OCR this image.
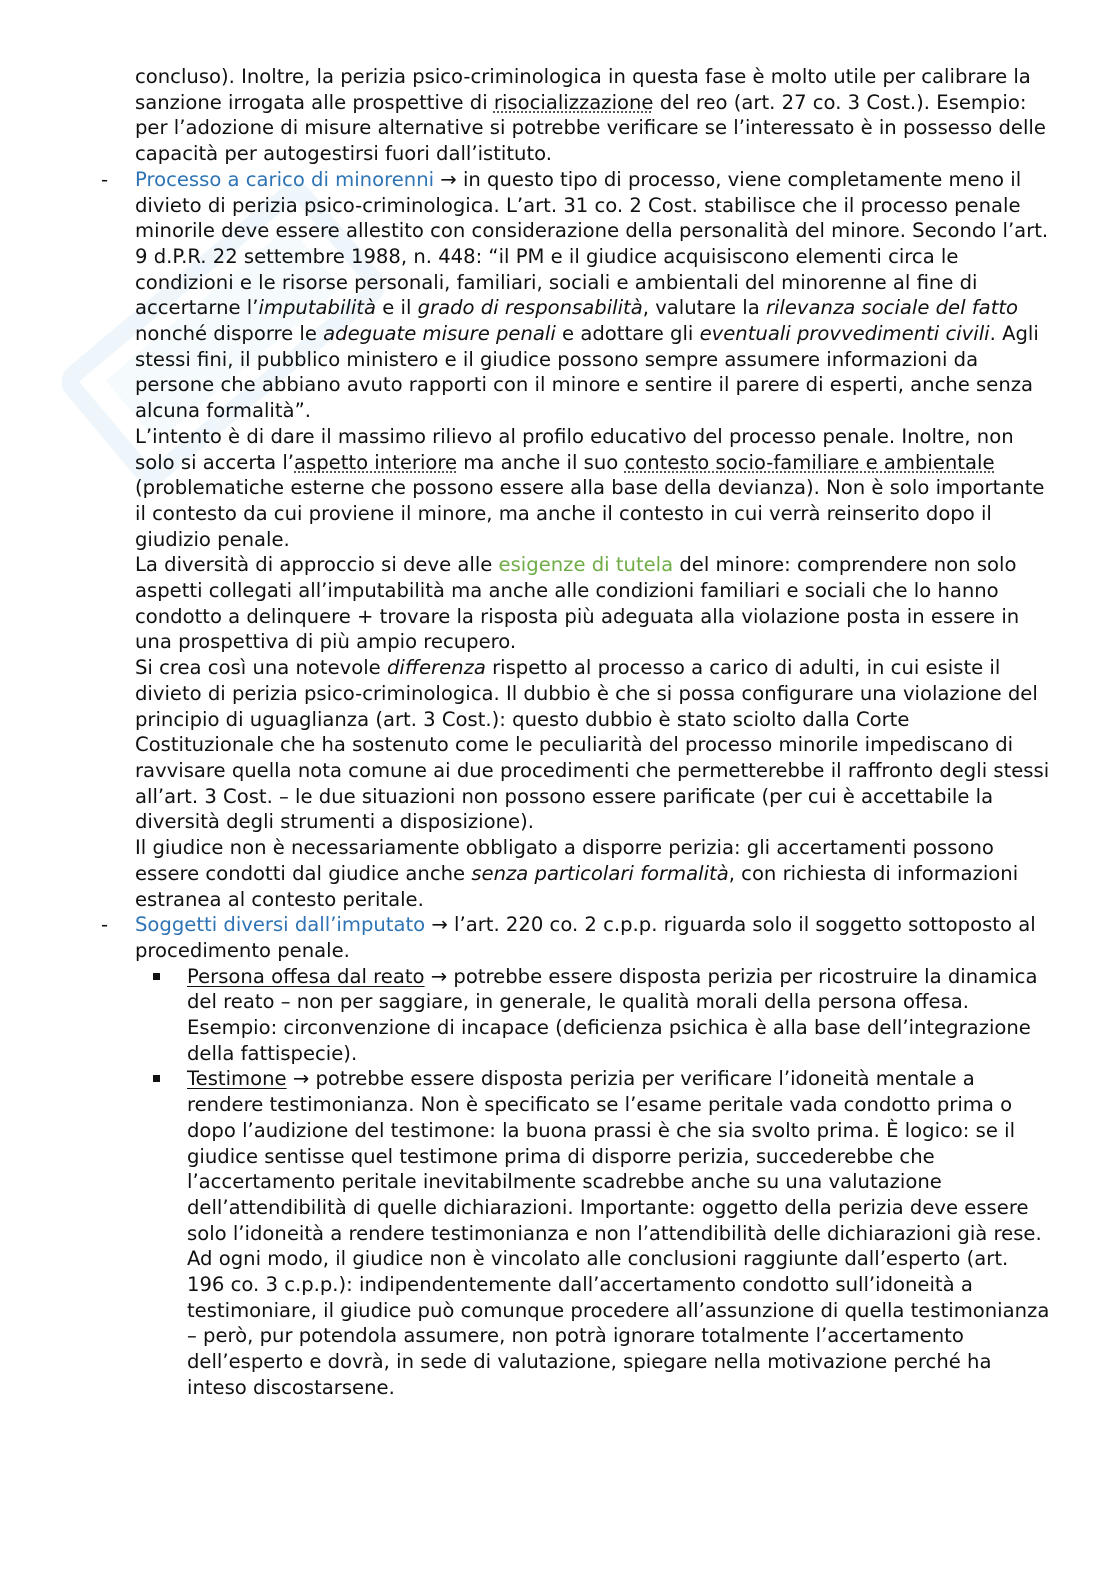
concluso). Inoltre, la perizia psico-criminologica in questa fase è molto utile per calibrare la sanzione irrogata alle prospettive di risocializzazione del reo (art. 27 co. 3 Cost.). Esempio: per l’adozione di misure alternative si potrebbe verificare se l’interessato è in possesso delle capacità per autogestirsi fuori dall’istituto.

- Processo a carico di minorenni → in questo tipo di processo, viene completamente meno il divieto di perizia psico-criminologica. L’art. 31 co. 2 Cost. stabilisce che il processo penale minorile deve essere allestito con considerazione della personalità del minore. Secondo l’art. 9 d.P.R. 22 settembre 1988, n. 448: “il PM e il giudice acquisiscono elementi circa le condizioni e le risorse personali, familiari, sociali e ambientali del minorenne al fine di accertarne l’imputabilità e il grado di responsabilità, valutare la rilevanza sociale del fatto nonché disporre le adeguate misure penali e adottare gli eventuali provvedimenti civili. Agli stessi fini, il pubblico ministero e il giudice possono sempre assumere informazioni da persone che abbiano avuto rapporti con il minore e sentire il parere di esperti, anche senza alcuna formalità”.

L’intento è di dare il massimo rilievo al profilo educativo del processo penale. Inoltre, non solo si accerta l’aspetto interiore ma anche il suo contesto socio-familiare e ambientale (problematiche esterne che possono essere alla base della devianza). Non è solo importante il contesto da cui proviene il minore, ma anche il contesto in cui verrà reinserito dopo il giudizio penale.

La diversità di approccio si deve alle esigenze di tutela del minore: comprendere non solo aspetti collegati all’imputabilità ma anche alle condizioni familiari e sociali che lo hanno condotto a delinquere + trovare la risposta più adeguata alla violazione posta in essere in una prospettiva di più ampio recupero.

Si crea così una notevole differenza rispetto al processo a carico di adulti, in cui esiste il divieto di perizia psico-criminologica. Il dubbio è che si possa configurare una violazione del principio di uguaglianza (art. 3 Cost.): questo dubbio è stato sciolto dalla Corte Costituzionale che ha sostenuto come le peculiarità del processo minorile impediscano di ravvisare quella nota comune ai due procedimenti che permetterebbe il raffronto degli stessi all’art. 3 Cost. – le due situazioni non possono essere parificate (per cui è accettabile la diversità degli strumenti a disposizione).

Il giudice non è necessariamente obbligato a disporre perizia: gli accertamenti possono essere condotti dal giudice anche senza particolari formalità, con richiesta di informazioni estranea al contesto peritale.

- Soggetti diversi dall’imputato → l’art. 220 co. 2 c.p.p. riguarda solo il soggetto sottoposto al procedimento penale.

Persona offesa dal reato → potrebbe essere disposta perizia per ricostruire la dinamica del reato – non per saggiare, in generale, le qualità morali della persona offesa. Esempio: circonvenzione di incapace (deficienza psichica è alla base dell’integrazione della fattispecie).

Testimone → potrebbe essere disposta perizia per verificare l’idoneità mentale a rendere testimonianza. Non è specificato se l’esame peritale vada condotto prima o dopo l’audizione del testimone: la buona prassi è che sia svolto prima. È logico: se il giudice sentisse quel testimone prima di disporre perizia, succederebbe che l’accertamento peritale inevitabilmente scadrebbe anche su una valutazione dell’attendibilità di quelle dichiarazioni. Importante: oggetto della perizia deve essere solo l’idoneità a rendere testimonianza e non l’attendibilità delle dichiarazioni già rese.

Ad ogni modo, il giudice non è vincolato alle conclusioni raggiunte dall’esperto (art. 196 co. 3 c.p.p.): indipendentemente dall’accertamento condotto sull’idoneità a testimoniare, il giudice può comunque procedere all’assunzione di quella testimonianza – però, pur potendola assumere, non potrà ignorare totalmente l’accertamento dell’esperto e dovrà, in sede di valutazione, spiegare nella motivazione perché ha inteso discostarsene.
